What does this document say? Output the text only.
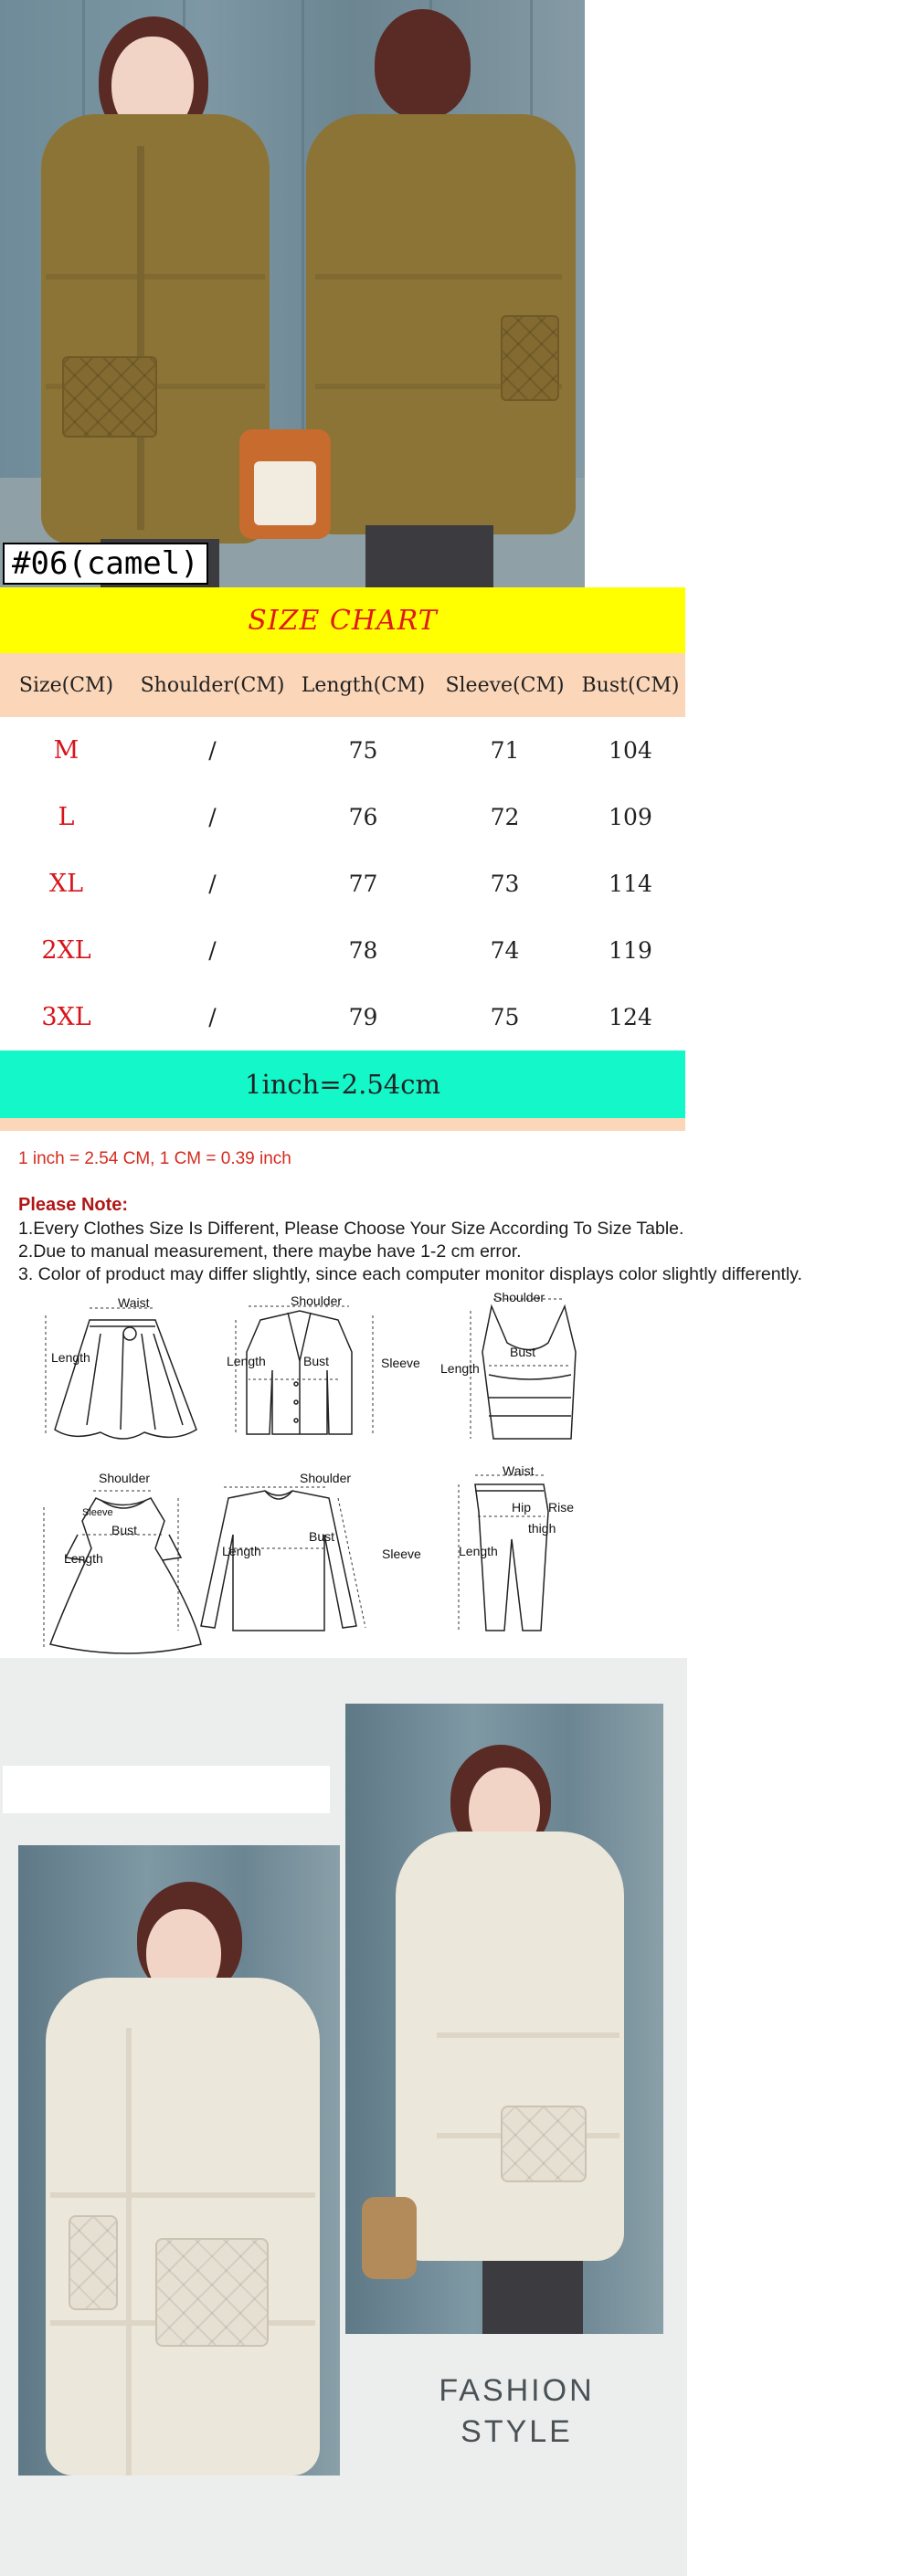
#06(camel)
SIZE CHART
Size(CM)	Shoulder(CM) Length(CM)	Sleeve(CM) Bust(CM)
M	/	75	71	104
L	/	76	72	109
XL	/	77	73	114
2XL	/	78	74	119
3XL	/	79	75	124
1inch=2.54cm
1 inch = 2.54 CM, 1 CM = 0.39 inch
Please Note:
1.Every Clothes Size Is Different, Please Choose Your Size According To Size Table.
2.Due to manual measurement, there maybe have 1-2 cm error.
3. Color of product may differ slightly, since each computer monitor displays color slightly differently.
Waist
Length
Shoulder
Length	Bust	Sleeve
Shoulder
Bust
Length
Shoulder
Sleeve
Bust
Length
Shoulder
Bust
Length	Sleeve
Waist
Hip Rise
thigh
Length
FASHION
STYLE
